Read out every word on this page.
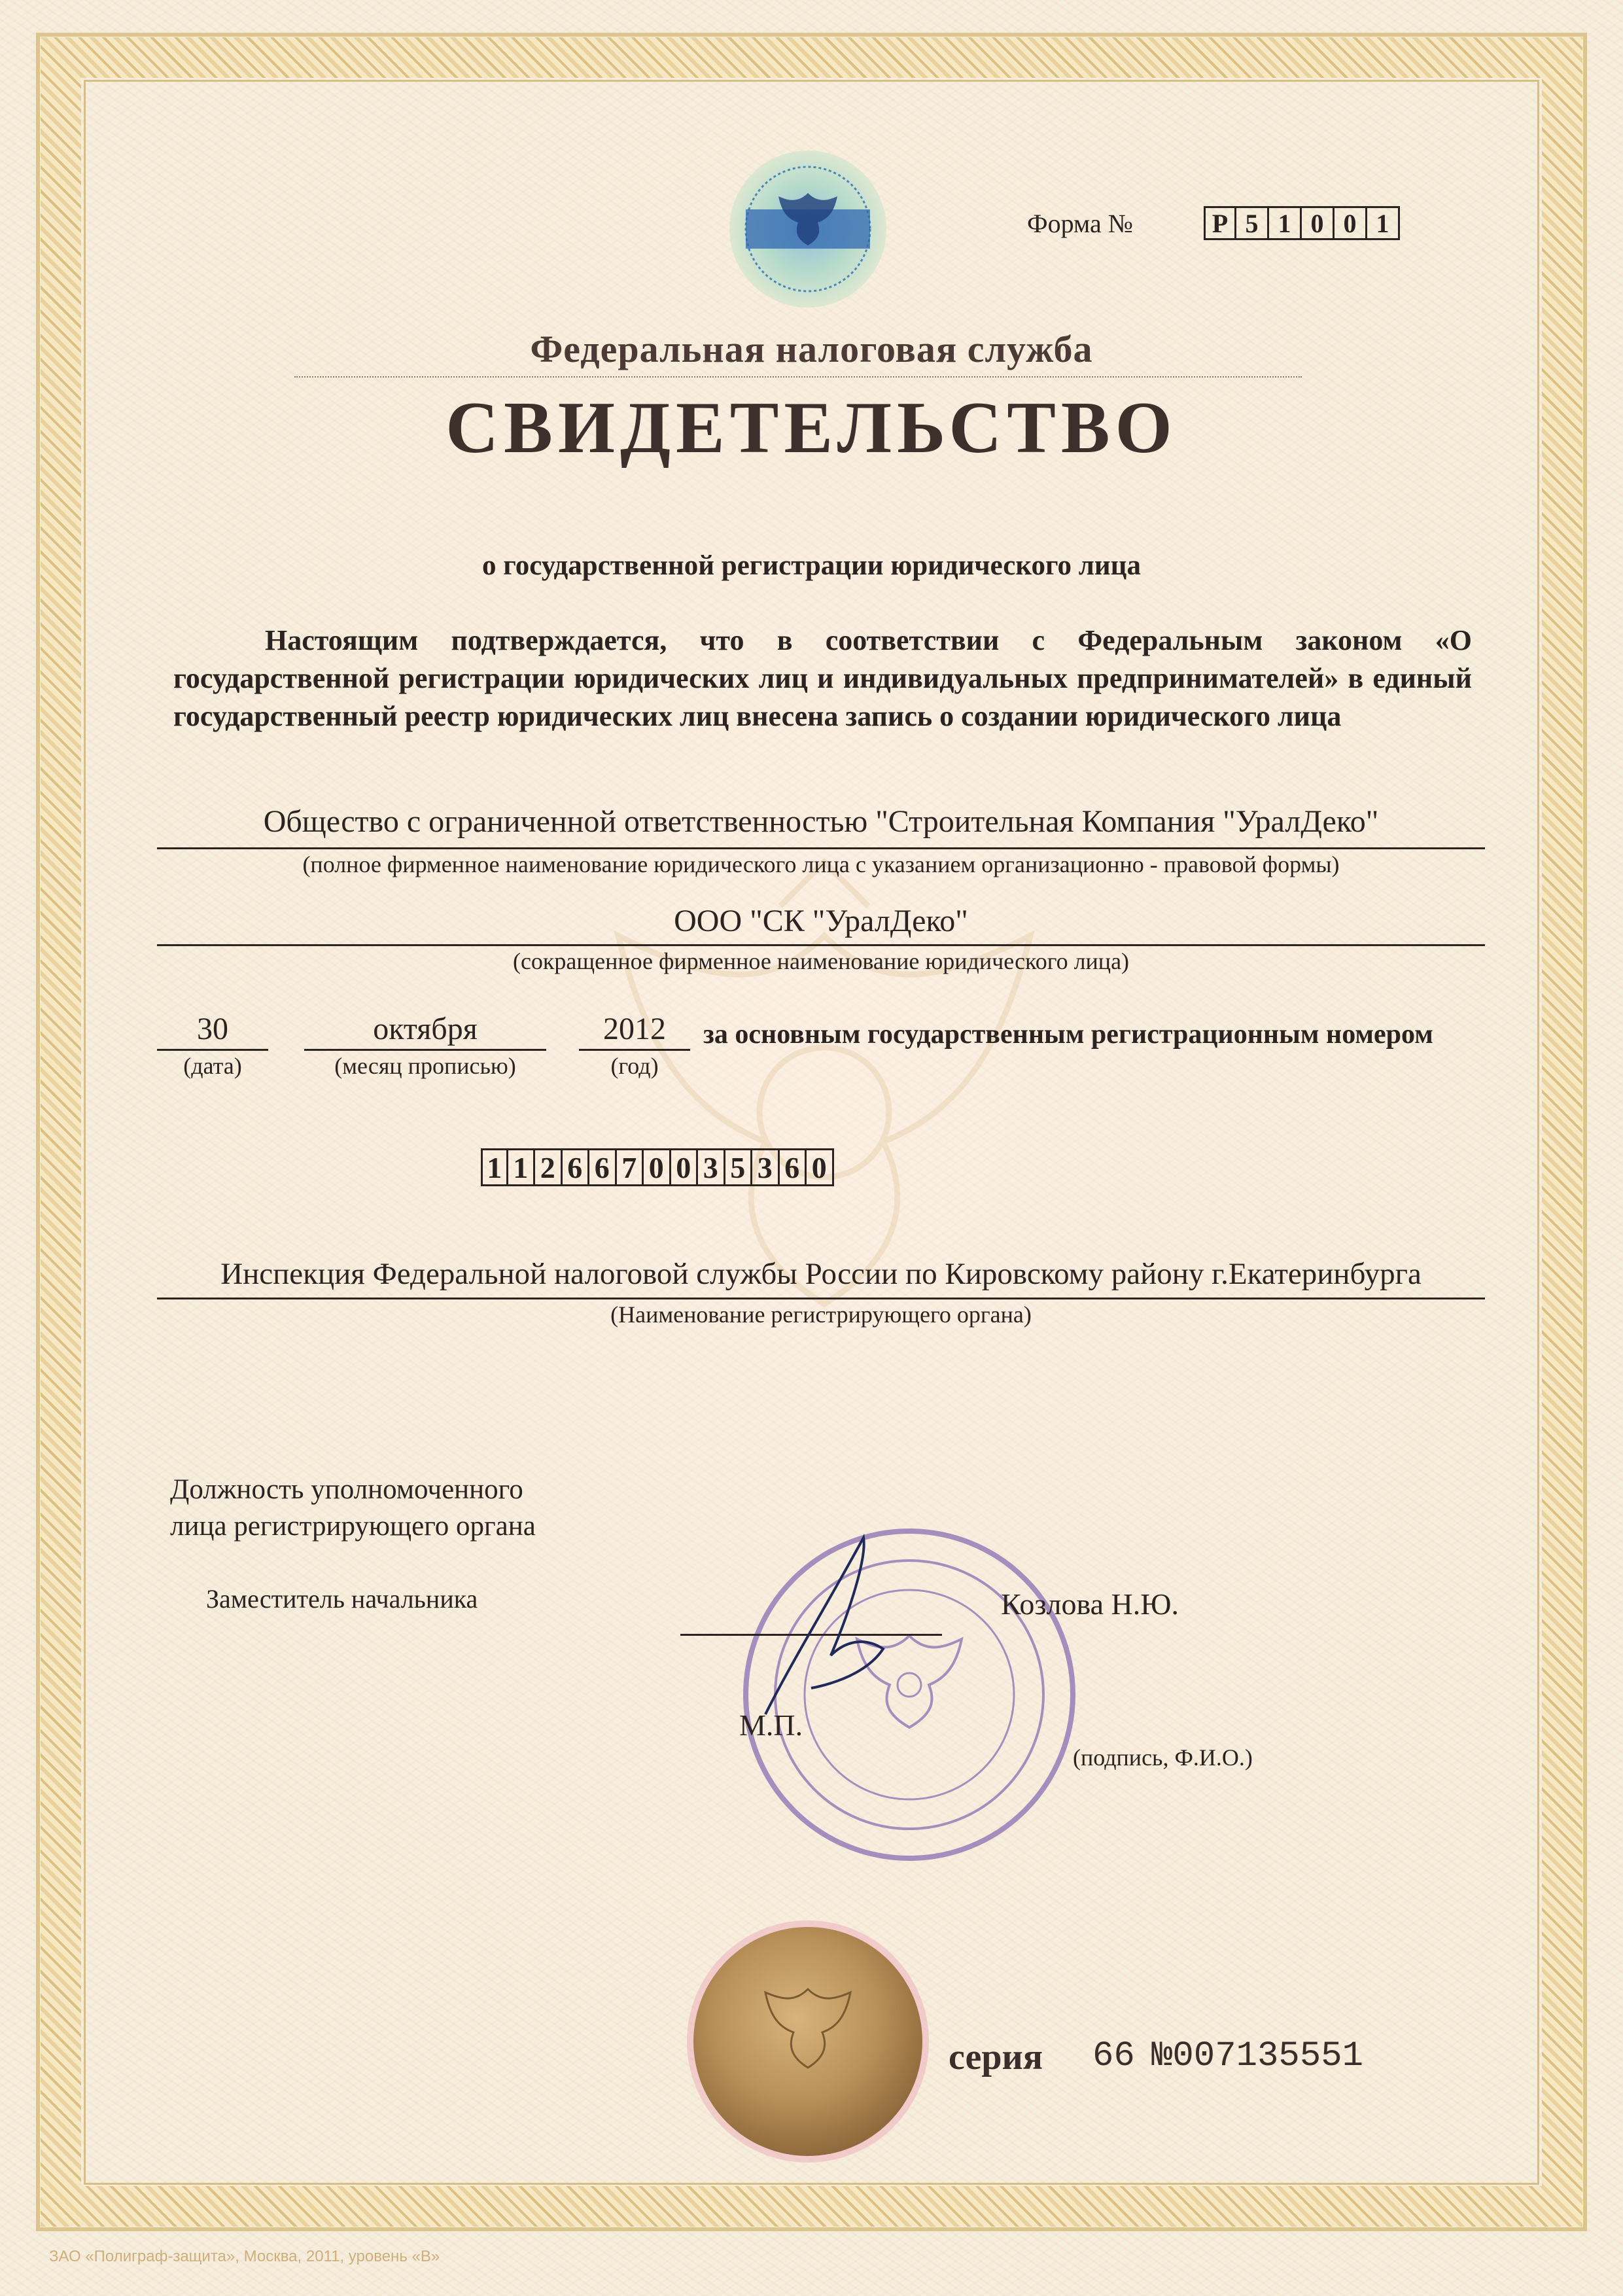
Форма №	Р 5 1 0 0 1
Федеральная налоговая служба
СВИДЕТЕЛЬСТВО
о государственной регистрации юридического лица
Настоящим подтверждается, что в соответствии с Федеральным законом «О государственной регистрации юридических лиц и индивидуальных предпринимателей» в единый государственный реестр юридических лиц внесена запись о создании юридического лица
Общество с ограниченной ответственностью "Строительная Компания "УралДеко"
(полное фирменное наименование юридического лица с указанием организационно - правовой формы)
ООО "СК "УралДеко"
(сокращенное фирменное наименование юридического лица)
30
(дата)
октября
(месяц прописью)
2012
(год)
за основным государственным регистрационным номером
1 1 2 6 6 7 0 0 3 5 3 6 0
Инспекция Федеральной налоговой службы России по Кировскому району г.Екатеринбурга
(Наименование регистрирующего органа)
Должность уполномоченного
лица регистрирующего органа
Заместитель начальника
М.П.
Козлова Н.Ю.
(подпись, Ф.И.О.)
серия 66 №007135551
ЗАО «Полиграф-защита», Москва, 2011, уровень «В»
